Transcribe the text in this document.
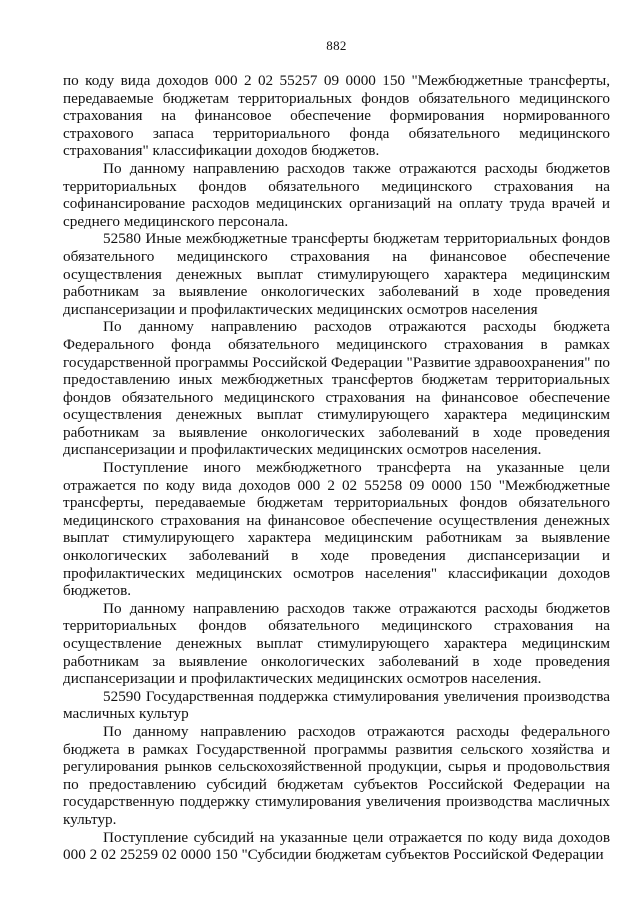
882

по коду вида доходов 000 2 02 55257 09 0000 150 "Межбюджетные трансферты, передаваемые бюджетам территориальных фондов обязательного медицинского страхования на финансовое обеспечение формирования нормированного страхового запаса территориального фонда обязательного медицинского страхования" классификации доходов бюджетов.

По данному направлению расходов также отражаются расходы бюджетов территориальных фондов обязательного медицинского страхования на софинансирование расходов медицинских организаций на оплату труда врачей и среднего медицинского персонала.

52580 Иные межбюджетные трансферты бюджетам территориальных фондов обязательного медицинского страхования на финансовое обеспечение осуществления денежных выплат стимулирующего характера медицинским работникам за выявление онкологических заболеваний в ходе проведения диспансеризации и профилактических медицинских осмотров населения

По данному направлению расходов отражаются расходы бюджета Федерального фонда обязательного медицинского страхования в рамках государственной программы Российской Федерации "Развитие здравоохранения" по предоставлению иных межбюджетных трансфертов бюджетам территориальных фондов обязательного медицинского страхования на финансовое обеспечение осуществления денежных выплат стимулирующего характера медицинским работникам за выявление онкологических заболеваний в ходе проведения диспансеризации и профилактических медицинских осмотров населения.

Поступление иного межбюджетного трансферта на указанные цели отражается по коду вида доходов 000 2 02 55258 09 0000 150 "Межбюджетные трансферты, передаваемые бюджетам территориальных фондов обязательного медицинского страхования на финансовое обеспечение осуществления денежных выплат стимулирующего характера медицинским работникам за выявление онкологических заболеваний в ходе проведения диспансеризации и профилактических медицинских осмотров населения" классификации доходов бюджетов.

По данному направлению расходов также отражаются расходы бюджетов территориальных фондов обязательного медицинского страхования на осуществление денежных выплат стимулирующего характера медицинским работникам за выявление онкологических заболеваний в ходе проведения диспансеризации и профилактических медицинских осмотров населения.

52590 Государственная поддержка стимулирования увеличения производства масличных культур

По данному направлению расходов отражаются расходы федерального бюджета в рамках Государственной программы развития сельского хозяйства и регулирования рынков сельскохозяйственной продукции, сырья и продовольствия по предоставлению субсидий бюджетам субъектов Российской Федерации на государственную поддержку стимулирования увеличения производства масличных культур.

Поступление субсидий на указанные цели отражается по коду вида доходов 000 2 02 25259 02 0000 150 "Субсидии бюджетам субъектов Российской Федерации
